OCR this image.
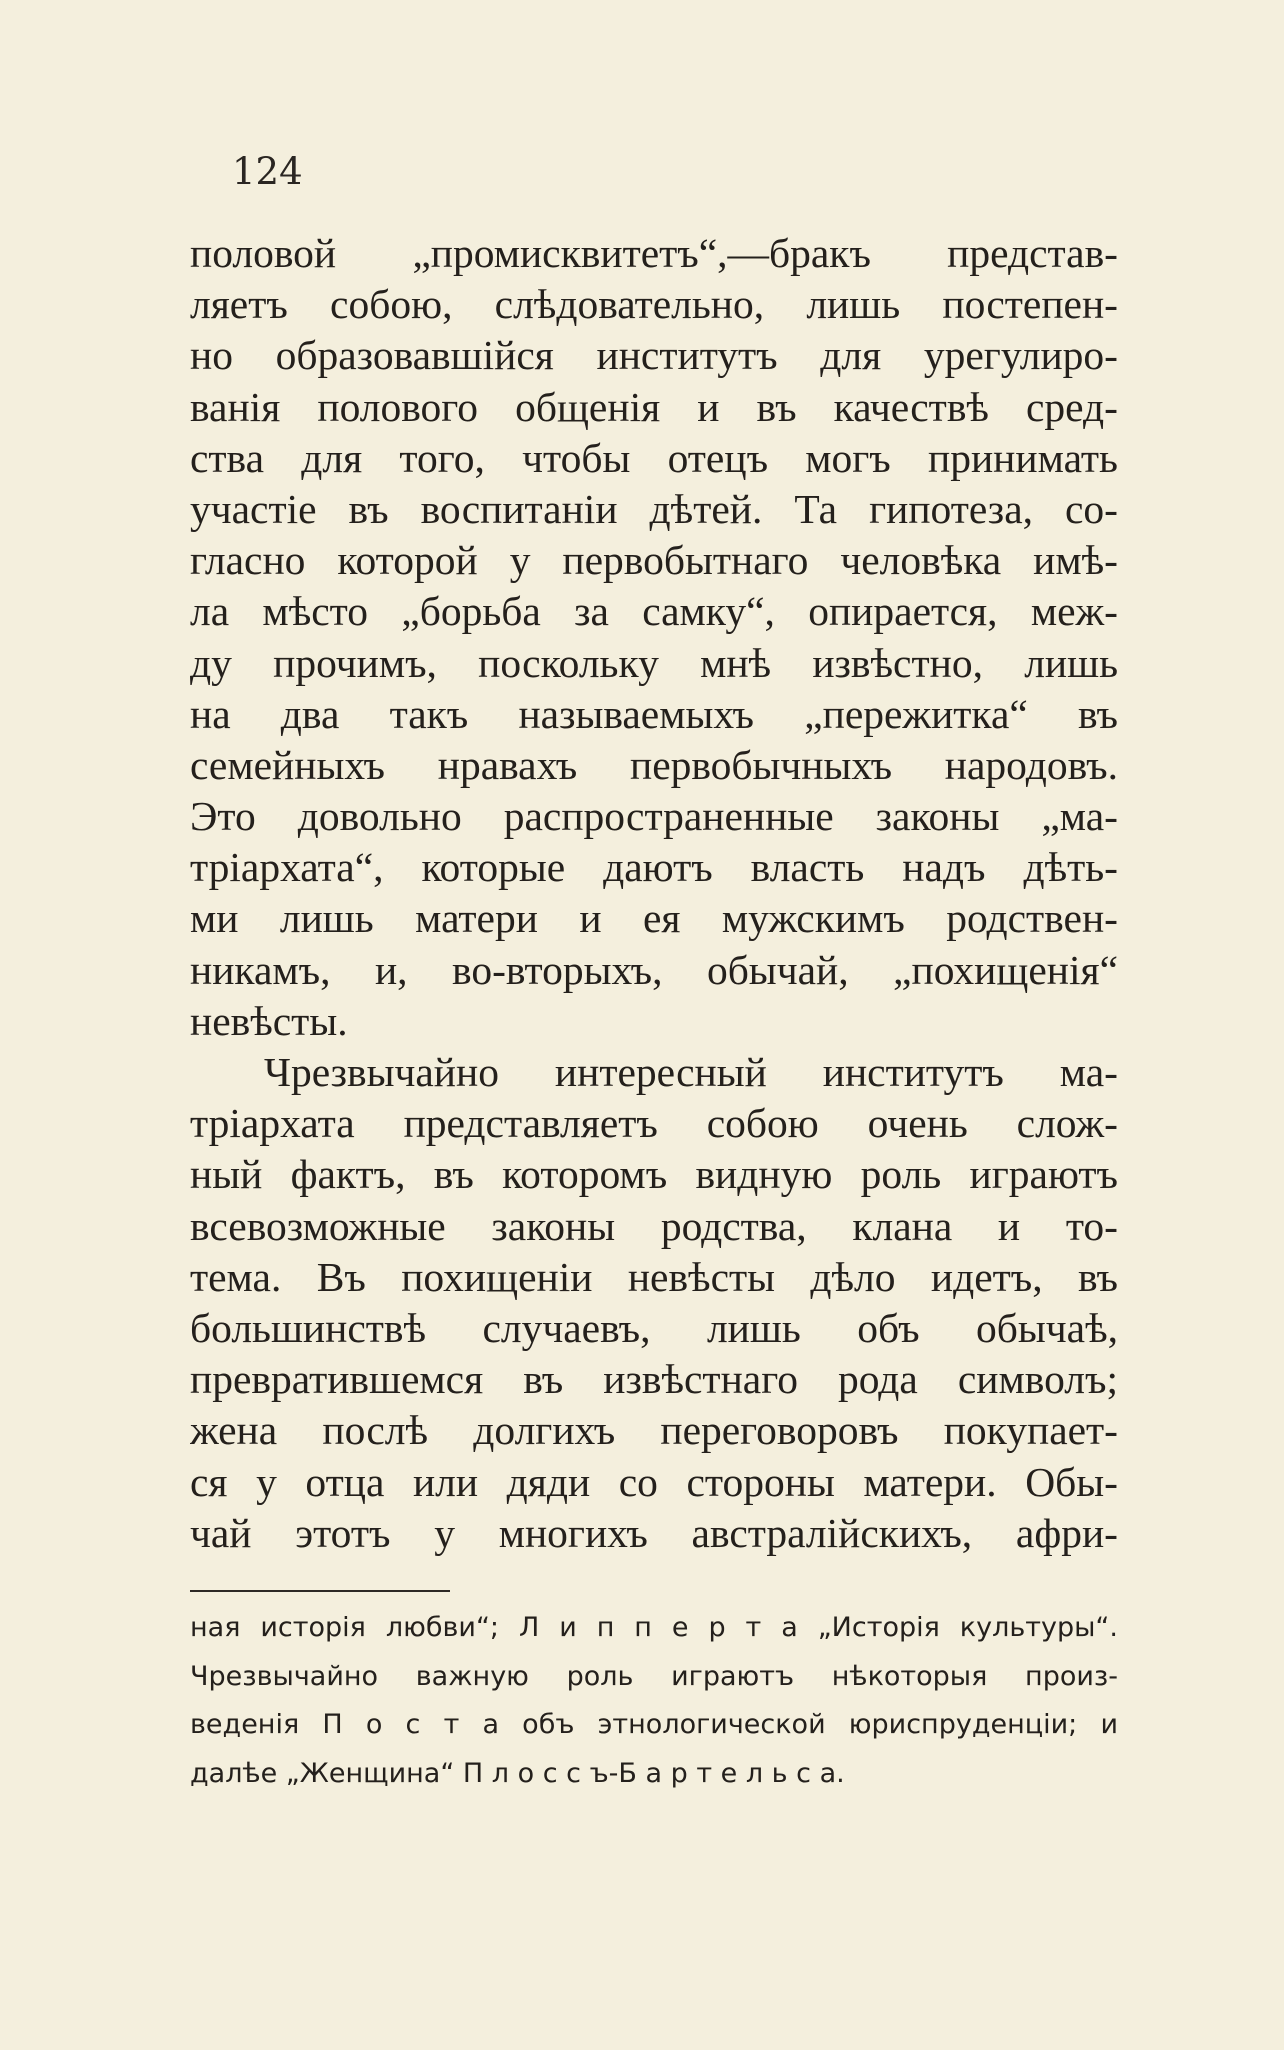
124
половой „промисквитетъ“,—бракъ представ-
ляетъ собою, слѣдовательно, лишь постепен-
но образовавшійся институтъ для урегулиро-
ванія полового общенія и въ качествѣ сред-
ства для того, чтобы отецъ могъ принимать
участіе въ воспитаніи дѣтей. Та гипотеза, со-
гласно которой у первобытнаго человѣка имѣ-
ла мѣсто „борьба за самку“, опирается, меж-
ду прочимъ, поскольку мнѣ извѣстно, лишь
на два такъ называемыхъ „пережитка“ въ
семейныхъ нравахъ первобычныхъ народовъ.
Это довольно распространенные законы „ма-
тріархата“, которые даютъ власть надъ дѣть-
ми лишь матери и ея мужскимъ родствен-
никамъ, и, во-вторыхъ, обычай, „похищенія“
невѣсты.
Чрезвычайно интересный институтъ ма-
тріархата представляетъ собою очень слож-
ный фактъ, въ которомъ видную роль играютъ
всевозможные законы родства, клана и то-
тема. Въ похищеніи невѣсты дѣло идетъ, въ
большинствѣ случаевъ, лишь объ обычаѣ,
превратившемся въ извѣстнаго рода символъ;
жена послѣ долгихъ переговоровъ покупает-
ся у отца или дяди со стороны матери. Обы-
чай этотъ у многихъ австралійскихъ, афри-
ная исторія любви“; Л и п п е р т а „Исторія культуры“.
Чрезвычайно важную роль играютъ нѣкоторыя произ-
веденія П о с т а объ этнологической юриспруденціи; и
далѣе „Женщина“ П л о с с ъ-Б а р т е л ь с а.
